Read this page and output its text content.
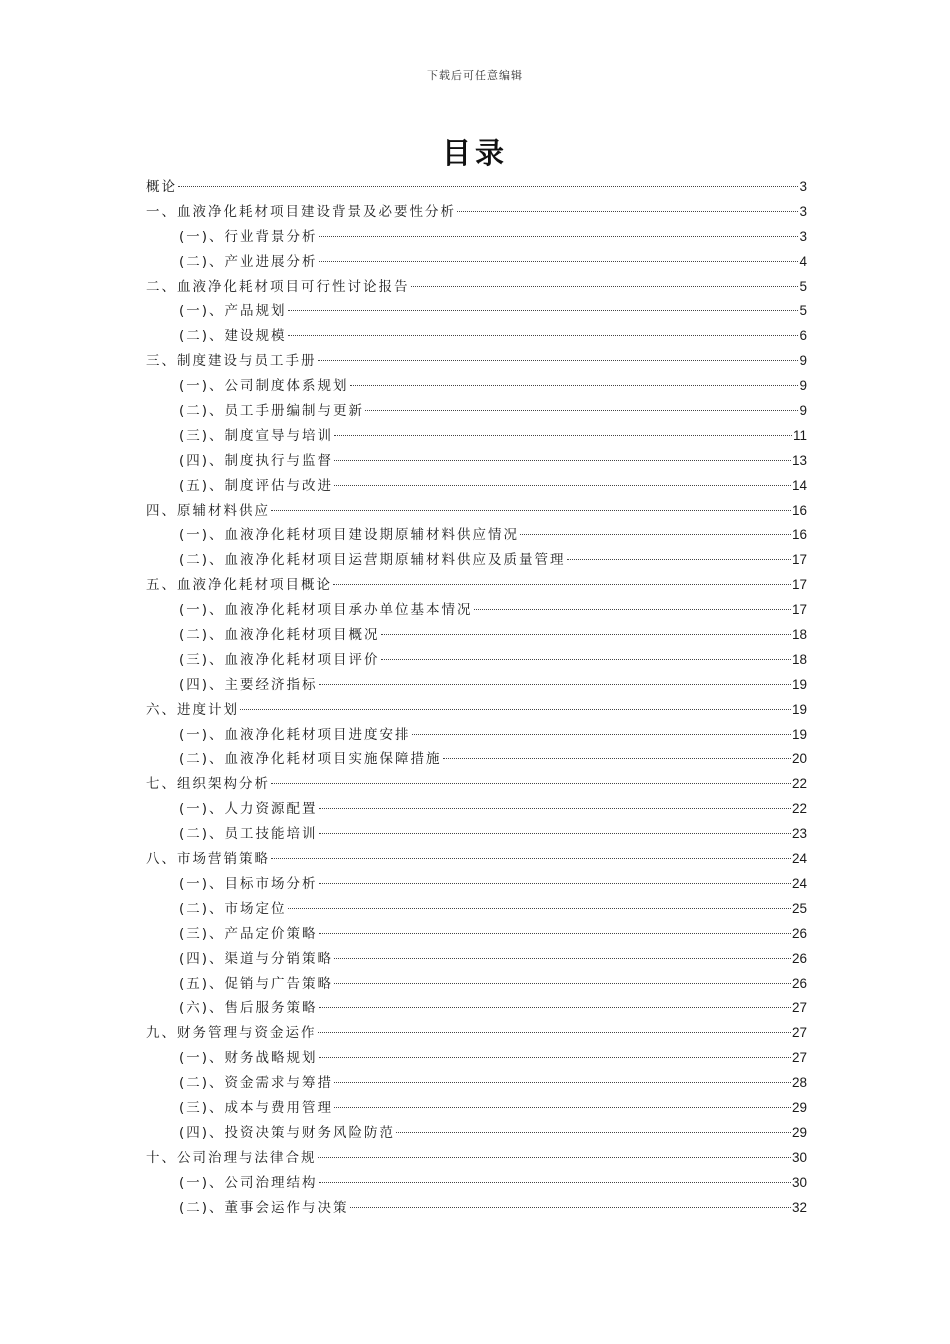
下载后可任意编辑
目录
概论	3
一、血液净化耗材项目建设背景及必要性分析	3
(一)、行业背景分析	3
(二)、产业进展分析	4
二、血液净化耗材项目可行性讨论报告	5
(一)、产品规划	5
(二)、建设规模	6
三、制度建设与员工手册	9
(一)、公司制度体系规划	9
(二)、员工手册编制与更新	9
(三)、制度宣导与培训	11
(四)、制度执行与监督	13
(五)、制度评估与改进	14
四、原辅材料供应	16
(一)、血液净化耗材项目建设期原辅材料供应情况	16
(二)、血液净化耗材项目运营期原辅材料供应及质量管理	17
五、血液净化耗材项目概论	17
(一)、血液净化耗材项目承办单位基本情况	17
(二)、血液净化耗材项目概况	18
(三)、血液净化耗材项目评价	18
(四)、主要经济指标	19
六、进度计划	19
(一)、血液净化耗材项目进度安排	19
(二)、血液净化耗材项目实施保障措施	20
七、组织架构分析	22
(一)、人力资源配置	22
(二)、员工技能培训	23
八、市场营销策略	24
(一)、目标市场分析	24
(二)、市场定位	25
(三)、产品定价策略	26
(四)、渠道与分销策略	26
(五)、促销与广告策略	26
(六)、售后服务策略	27
九、财务管理与资金运作	27
(一)、财务战略规划	27
(二)、资金需求与筹措	28
(三)、成本与费用管理	29
(四)、投资决策与财务风险防范	29
十、公司治理与法律合规	30
(一)、公司治理结构	30
(二)、董事会运作与决策	32
